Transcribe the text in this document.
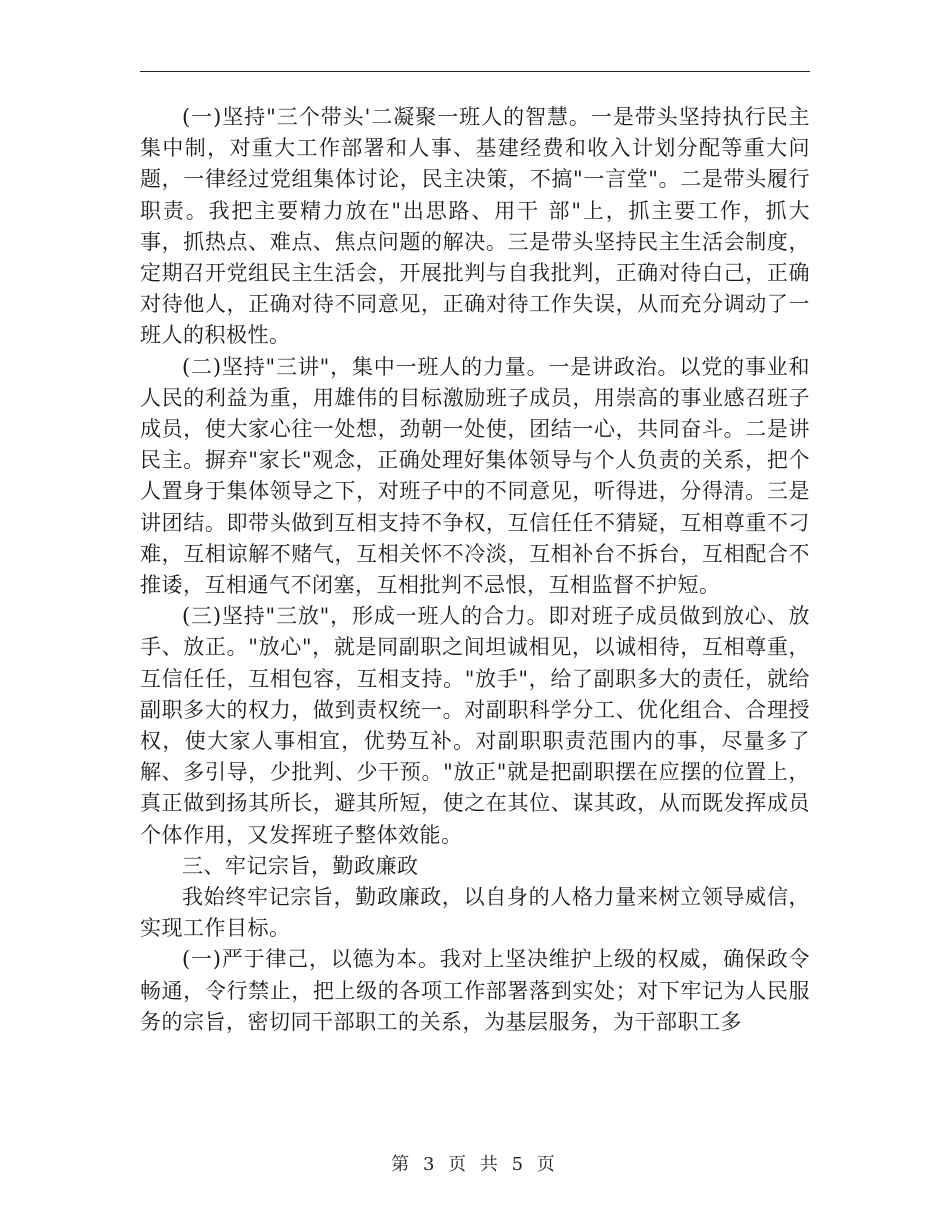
(一)坚持"三个带头'二凝聚一班人的智慧。一是带头坚持执行民主集中制，对重大工作部署和人事、基建经费和收入计划分配等重大问题，一律经过党组集体讨论，民主决策，不搞"一言堂"。二是带头履行职责。我把主要精力放在"出思路、用干 部"上，抓主要工作，抓大事，抓热点、难点、焦点问题的解决。三是带头坚持民主生活会制度，定期召开党组民主生活会，开展批判与自我批判，正确对待白己，正确对待他人，正确对待不同意见，正确对待工作失误，从而充分调动了一班人的积极性。

(二)坚持"三讲"，集中一班人的力量。一是讲政治。以党的事业和人民的利益为重，用雄伟的目标激励班子成员，用崇高的事业感召班子成员，使大家心往一处想，劲朝一处使，团结一心，共同奋斗。二是讲民主。摒弃"家长"观念，正确处理好集体领导与个人负责的关系，把个人置身于集体领导之下，对班子中的不同意见，听得进，分得清。三是讲团结。即带头做到互相支持不争权，互信任任不猜疑，互相尊重不刁难，互相谅解不赌气，互相关怀不冷淡，互相补台不拆台，互相配合不推诿，互相通气不闭塞，互相批判不忌恨，互相监督不护短。

(三)坚持"三放"，形成一班人的合力。即对班子成员做到放心、放手、放正。"放心"，就是同副职之间坦诚相见，以诚相待，互相尊重，互信任任，互相包容，互相支持。"放手"，给了副职多大的责任，就给副职多大的权力，做到责权统一。对副职科学分工、优化组合、合理授权，使大家人事相宜，优势互补。对副职职责范围内的事，尽量多了解、多引导，少批判、少干预。"放正"就是把副职摆在应摆的位置上，真正做到扬其所长，避其所短，使之在其位、谋其政，从而既发挥成员个体作用，又发挥班子整体效能。

三、牢记宗旨，勤政廉政

我始终牢记宗旨，勤政廉政，以自身的人格力量来树立领导威信，实现工作目标。

(一)严于律己，以德为本。我对上坚决维护上级的权威，确保政令畅通，令行禁止，把上级的各项工作部署落到实处；对下牢记为人民服务的宗旨，密切同干部职工的关系，为基层服务，为干部职工多

第 3 页 共 5 页
